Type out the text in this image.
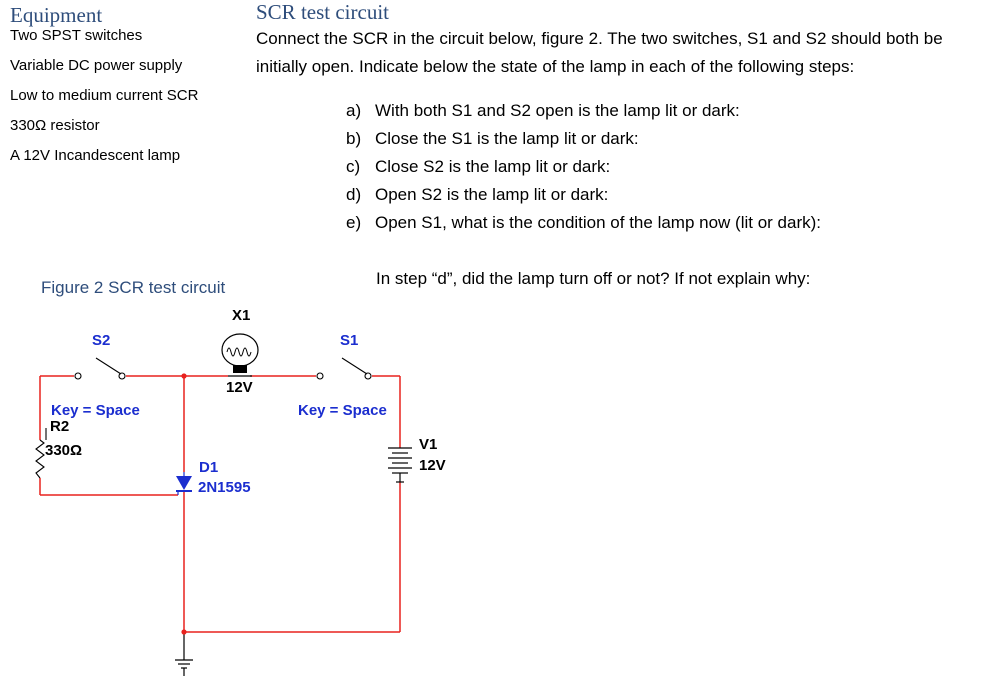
Equipment
Two SPST switches
Variable DC power supply
Low to medium current SCR
330Ω resistor
A 12V Incandescent lamp
SCR test circuit
Connect the SCR in the circuit below, figure 2. The two switches, S1 and S2 should both be
initially open. Indicate below the state of the lamp in each of the following steps:
a) With both S1 and S2 open is the lamp lit or dark:
b) Close the S1 is the lamp lit or dark:
c) Close S2 is the lamp lit or dark:
d) Open S2 is the lamp lit or dark:
e) Open S1, what is the condition of the lamp now (lit or dark):
In step “d”, did the lamp turn off or not? If not explain why:
Figure 2 SCR test circuit
X1
12V
S2	S1
Key = Space	Key = Space
R2
330Ω
D1
2N1595
V1
12V
